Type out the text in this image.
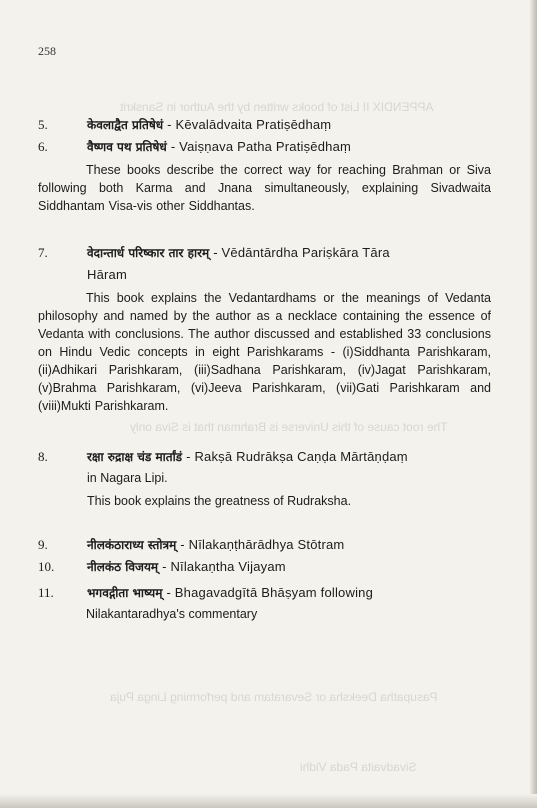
APPENDIX II List of books written by the Author in Sanskrit
The root cause of this Universe is Brahman that is Siva only
Pasupatha Deeksha or Sevaratam and performing Linga Puja
Sivadvaita Pada Vidhi
258
5.	केवलाद्वैत प्रतिषेधं - Kēvalādvaita Pratiṣēdhaṃ
6.	वैष्णव पथ प्रतिषेधं - Vaiṣṇava Patha Pratiṣēdhaṃ
These books describe the correct way for reaching Brahman or Siva following both Karma and Jnana simultaneously, explaining Sivadwaita Siddhantam Visa-vis other Siddhantas.
7.	वेदान्तार्ध परिष्कार तार हारम् - Vēdāntārdha Pariṣkāra Tāra
Hāram
This book explains the Vedantardhams or the meanings of Vedanta philosophy and named by the author as a necklace containing the essence of Vedanta with conclusions. The author discussed and established 33 conclusions on Hindu Vedic concepts in eight Parishkarams - (i)Siddhanta Parishkaram, (ii)Adhikari Parishkaram, (iii)Sadhana Parishkaram, (iv)Jagat Parishkaram, (v)Brahma Parishkaram, (vi)Jeeva Parishkaram, (vii)Gati Parishkaram and (viii)Mukti Parishkaram.
8.	रक्षा रुद्राक्ष चंड मार्तांडं - Rakṣā Rudrākṣa Caṇḍa Mārtāṇḍaṃ
in Nagara Lipi.
This book explains the greatness of Rudraksha.
9.	नीलकंठाराध्य स्तोत्रम् - Nīlakaṇṭhārādhya Stōtram
10.	नीलकंठ विजयम् - Nīlakaṇtha Vijayam
11.	भगवद्गीता भाष्यम् - Bhagavadgītā Bhāṣyam following
Nilakantaradhya's commentary
